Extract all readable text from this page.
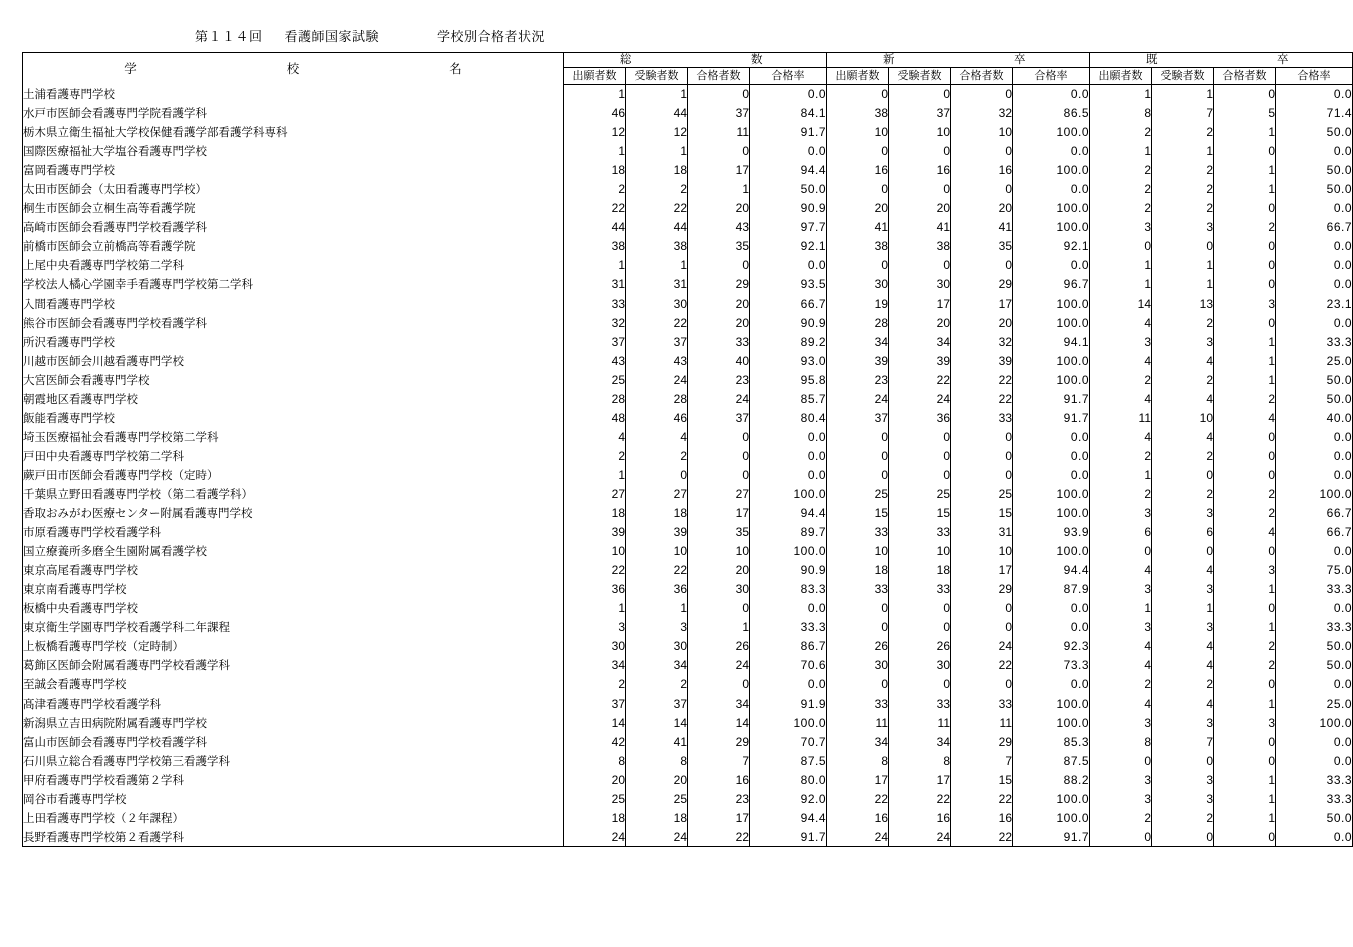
第１１４回 看護師国家試験	学校別合格者状況
学 校 名	総		数		新		卒		既		卒	
	出願者数	受験者数	合格者数	合格率	出願者数	受験者数	合格者数	合格率	出願者数	受験者数	合格者数	合格率
土浦看護専門学校	1	1	0	0.0	0	0	0	0.0	1	1	0	0.0
水戸市医師会看護専門学院看護学科	46	44	37	84.1	38	37	32	86.5	8	7	5	71.4
栃木県立衛生福祉大学校保健看護学部看護学科専科	12	12	11	91.7	10	10	10	100.0	2	2	1	50.0
国際医療福祉大学塩谷看護専門学校	1	1	0	0.0	0	0	0	0.0	1	1	0	0.0
富岡看護専門学校	18	18	17	94.4	16	16	16	100.0	2	2	1	50.0
太田市医師会（太田看護専門学校）	2	2	1	50.0	0	0	0	0.0	2	2	1	50.0
桐生市医師会立桐生高等看護学院	22	22	20	90.9	20	20	20	100.0	2	2	0	0.0
高崎市医師会看護専門学校看護学科	44	44	43	97.7	41	41	41	100.0	3	3	2	66.7
前橋市医師会立前橋高等看護学院	38	38	35	92.1	38	38	35	92.1	0	0	0	0.0
上尾中央看護専門学校第二学科	1	1	0	0.0	0	0	0	0.0	1	1	0	0.0
学校法人橘心学園幸手看護専門学校第二学科	31	31	29	93.5	30	30	29	96.7	1	1	0	0.0
入間看護専門学校	33	30	20	66.7	19	17	17	100.0	14	13	3	23.1
熊谷市医師会看護専門学校看護学科	32	22	20	90.9	28	20	20	100.0	4	2	0	0.0
所沢看護専門学校	37	37	33	89.2	34	34	32	94.1	3	3	1	33.3
川越市医師会川越看護専門学校	43	43	40	93.0	39	39	39	100.0	4	4	1	25.0
大宮医師会看護専門学校	25	24	23	95.8	23	22	22	100.0	2	2	1	50.0
朝霞地区看護専門学校	28	28	24	85.7	24	24	22	91.7	4	4	2	50.0
飯能看護専門学校	48	46	37	80.4	37	36	33	91.7	11	10	4	40.0
埼玉医療福祉会看護専門学校第二学科	4	4	0	0.0	0	0	0	0.0	4	4	0	0.0
戸田中央看護専門学校第二学科	2	2	0	0.0	0	0	0	0.0	2	2	0	0.0
蕨戸田市医師会看護専門学校（定時）	1	0	0	0.0	0	0	0	0.0	1	0	0	0.0
千葉県立野田看護専門学校（第二看護学科）	27	27	27	100.0	25	25	25	100.0	2	2	2	100.0
香取おみがわ医療センター附属看護専門学校	18	18	17	94.4	15	15	15	100.0	3	3	2	66.7
市原看護専門学校看護学科	39	39	35	89.7	33	33	31	93.9	6	6	4	66.7
国立療養所多磨全生園附属看護学校	10	10	10	100.0	10	10	10	100.0	0	0	0	0.0
東京高尾看護専門学校	22	22	20	90.9	18	18	17	94.4	4	4	3	75.0
東京南看護専門学校	36	36	30	83.3	33	33	29	87.9	3	3	1	33.3
板橋中央看護専門学校	1	1	0	0.0	0	0	0	0.0	1	1	0	0.0
東京衛生学園専門学校看護学科二年課程	3	3	1	33.3	0	0	0	0.0	3	3	1	33.3
上板橋看護専門学校（定時制）	30	30	26	86.7	26	26	24	92.3	4	4	2	50.0
葛飾区医師会附属看護専門学校看護学科	34	34	24	70.6	30	30	22	73.3	4	4	2	50.0
至誠会看護専門学校	2	2	0	0.0	0	0	0	0.0	2	2	0	0.0
髙津看護専門学校看護学科	37	37	34	91.9	33	33	33	100.0	4	4	1	25.0
新潟県立吉田病院附属看護専門学校	14	14	14	100.0	11	11	11	100.0	3	3	3	100.0
富山市医師会看護専門学校看護学科	42	41	29	70.7	34	34	29	85.3	8	7	0	0.0
石川県立総合看護専門学校第三看護学科	8	8	7	87.5	8	8	7	87.5	0	0	0	0.0
甲府看護専門学校看護第２学科	20	20	16	80.0	17	17	15	88.2	3	3	1	33.3
岡谷市看護専門学校	25	25	23	92.0	22	22	22	100.0	3	3	1	33.3
上田看護専門学校（２年課程）	18	18	17	94.4	16	16	16	100.0	2	2	1	50.0
長野看護専門学校第２看護学科	24	24	22	91.7	24	24	22	91.7	0	0	0	0.0
